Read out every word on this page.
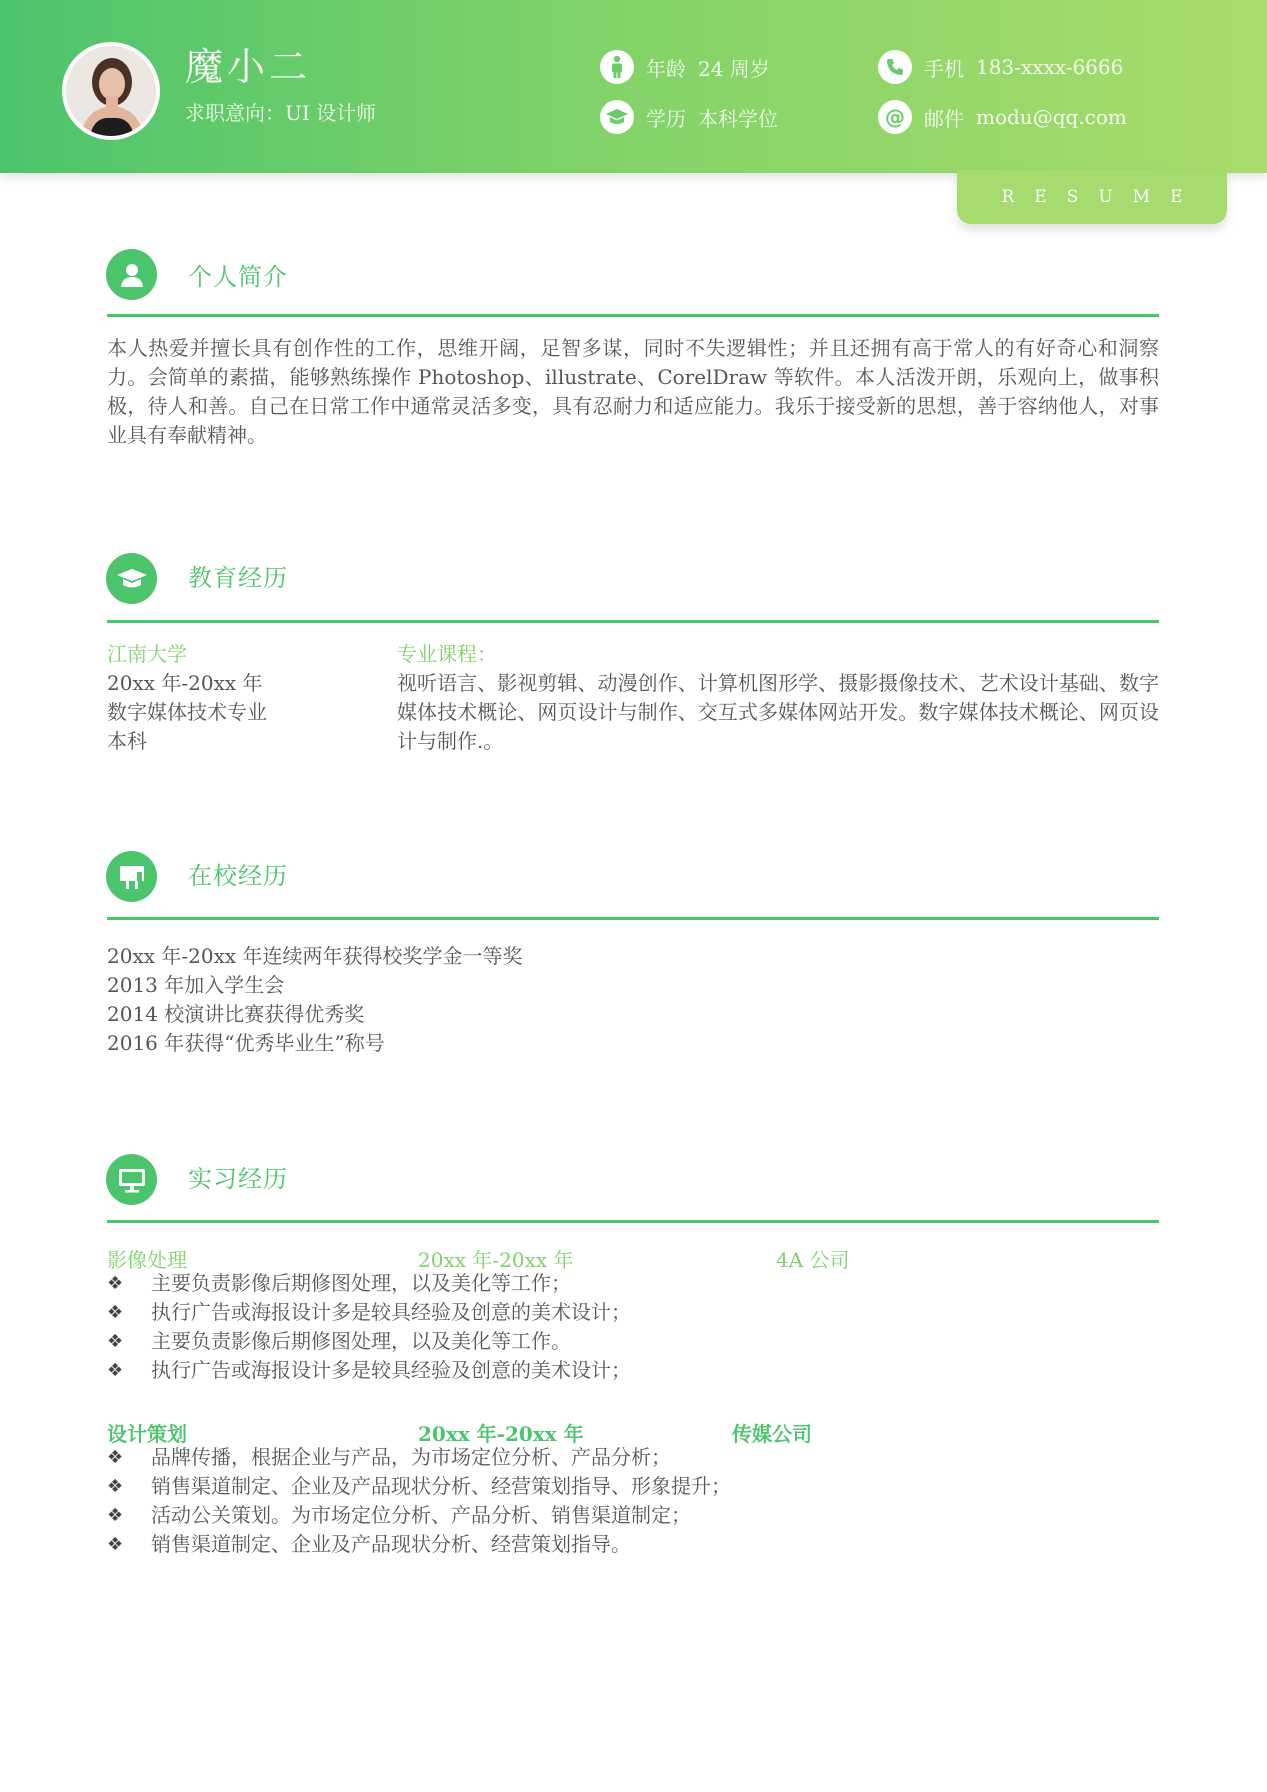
魔小二
求职意向：UI 设计师
年龄 24 周岁
学历 本科学位
手机 183-xxxx-6666
@ 邮件 modu@qq.com
RESUME
个人简介
本人热爱并擅长具有创作性的工作，思维开阔，足智多谋，同时不失逻辑性；并且还拥有高于常人的有好奇心和洞察力。会简单的素描，能够熟练操作 Photoshop、illustrate、CorelDraw 等软件。本人活泼开朗，乐观向上，做事积极，待人和善。自己在日常工作中通常灵活多变，具有忍耐力和适应能力。我乐于接受新的思想，善于容纳他人，对事业具有奉献精神。
教育经历
江南大学
20xx 年-20xx 年
数字媒体技术专业
本科
专业课程：
视听语言、影视剪辑、动漫创作、计算机图形学、摄影摄像技术、艺术设计基础、数字媒体技术概论、网页设计与制作、交互式多媒体网站开发。数字媒体技术概论、网页设计与制作.。
在校经历
20xx 年-20xx 年连续两年获得校奖学金一等奖
2013 年加入学生会
2014 校演讲比赛获得优秀奖
2016 年获得“优秀毕业生”称号
实习经历
影像处理	20xx 年-20xx 年	4A 公司
❖	主要负责影像后期修图处理，以及美化等工作；
❖	执行广告或海报设计多是较具经验及创意的美术设计；
❖	主要负责影像后期修图处理，以及美化等工作。
❖	执行广告或海报设计多是较具经验及创意的美术设计；
设计策划	20xx 年-20xx 年	传媒公司
❖	品牌传播，根据企业与产品，为市场定位分析、产品分析；
❖	销售渠道制定、企业及产品现状分析、经营策划指导、形象提升；
❖	活动公关策划。为市场定位分析、产品分析、销售渠道制定；
❖	销售渠道制定、企业及产品现状分析、经营策划指导。
